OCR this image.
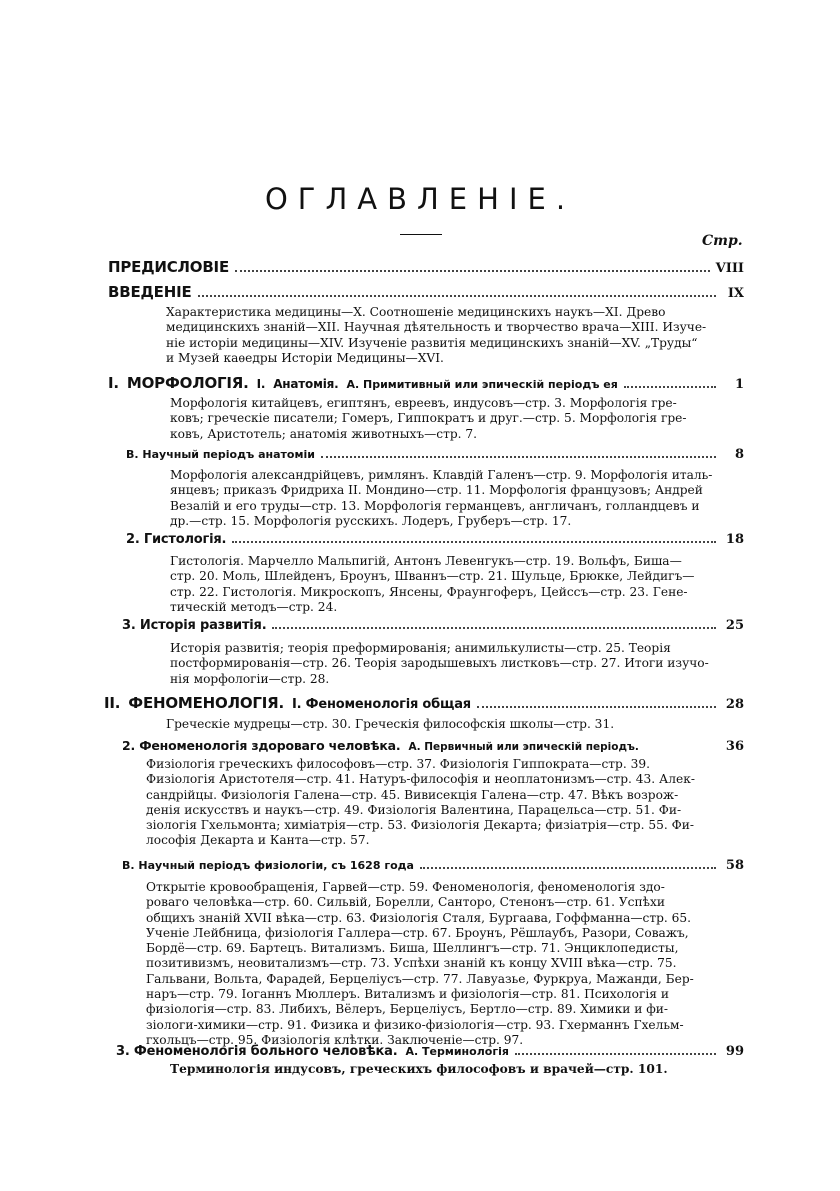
ОГЛАВЛЕНІЕ.
Стр.
ПРЕДИСЛОВІЕ	VIII
ВВЕДЕНІЕ	IX
Характеристика медицины—X. Соотношеніе медицинскихъ наукъ—XI. Древо
медицинскихъ знаній—XII. Научная дѣятельность и творчество врача—XIII. Изуче-
ніе исторіи медицины—XIV. Изученіе развитія медицинскихъ знаній—XV. „Труды“
и Музей каѳедры Исторіи Медицины—XVI.
I. МОРФОЛОГІЯ. I. Анатомія. А. Примитивный или эпическій періодъ ея	1
Морфологія китайцевъ, египтянъ, евреевъ, индусовъ—стр. 3. Морфологія гре-
ковъ; греческіе писатели; Гомеръ, Гиппократъ и друг.—стр. 5. Морфологія гре-
ковъ, Аристотель; анатомія животныхъ—стр. 7.
В. Научный періодъ анатоміи	8
Морфологія александрійцевъ, римлянъ. Клавдій Галенъ—стр. 9. Морфологія италь-
янцевъ; приказъ Фридриха II. Мондино—стр. 11. Морфологія французовъ; Андрей
Везалій и его труды—стр. 13. Морфологія германцевъ, англичанъ, голландцевъ и
др.—стр. 15. Морфологія русскихъ. Лодеръ, Груберъ—стр. 17.
2. Гистологія.	18
Гистологія. Марчелло Мальпигій, Антонъ Левенгукъ—стр. 19. Вольфъ, Биша—
стр. 20. Моль, Шлейденъ, Броунъ, Шваннъ—стр. 21. Шульце, Брюкке, Лейдигъ—
стр. 22. Гистологія. Микроскопъ, Янсены, Фраунгоферъ, Цейссъ—стр. 23. Гене-
тическій методъ—стр. 24.
3. Исторія развитія.	25
Исторія развитія; теорія преформированія; анимилькулисты—стр. 25. Теорія
постформированія—стр. 26. Теорія зародышевыхъ листковъ—стр. 27. Итоги изучо-
нія морфологіи—стр. 28.
II. ФЕНОМЕНОЛОГІЯ. I. Феноменологія общая	28
Греческіе мудрецы—стр. 30. Греческія философскія школы—стр. 31.
2. Феноменологія здороваго человѣка. А. Первичный или эпическій періодъ.	36
Физіологія греческихъ философовъ—стр. 37. Физіологія Гиппократа—стр. 39.
Физіологія Аристотеля—стр. 41. Натуръ-философія и неоплатонизмъ—стр. 43. Алек-
сандрійцы. Физіологія Галена—стр. 45. Вивисекція Галена—стр. 47. Вѣкъ возрож-
денія искусствъ и наукъ—стр. 49. Физіологія Валентина, Парацельса—стр. 51. Фи-
зіологія Гхельмонта; химіатрія—стр. 53. Физіологія Декарта; физіатрія—стр. 55. Фи-
лософія Декарта и Канта—стр. 57.
В. Научный періодъ физіологіи, съ 1628 года	58
Открытіе кровообращенія, Гарвей—стр. 59. Феноменологія, феноменологія здо-
роваго человѣка—стр. 60. Сильвій, Борелли, Санторо, Стенонъ—стр. 61. Успѣхи
общихъ знаній XVII вѣка—стр. 63. Физіологія Сталя, Бургаава, Гоффманна—стр. 65.
Ученіе Лейбница, физіологія Галлера—стр. 67. Броунъ, Рёшлаубъ, Разори, Соважъ,
Бордё—стр. 69. Бартецъ. Витализмъ. Биша, Шеллингъ—стр. 71. Энциклопедисты,
позитивизмъ, неовитализмъ—стр. 73. Успѣхи знаній къ концу XVIII вѣка—стр. 75.
Гальвани, Вольта, Фарадей, Берцеліусъ—стр. 77. Лавуазье, Фуркруа, Мажанди, Бер-
наръ—стр. 79. Іоганнъ Мюллеръ. Витализмъ и физіологія—стр. 81. Психологія и
физіологія—стр. 83. Либихъ, Вёлеръ, Берцеліусъ, Бертло—стр. 89. Химики и фи-
зіологи-химики—стр. 91. Физика и физико-физіологія—стр. 93. Гхерманнъ Гхельм-
гхольцъ—стр. 95. Физіологія клѣтки. Заключеніе—стр. 97.
3. Феноменологія больного человѣка. А. Терминологія	99
Терминологія индусовъ, греческихъ философовъ и врачей—стр. 101.
